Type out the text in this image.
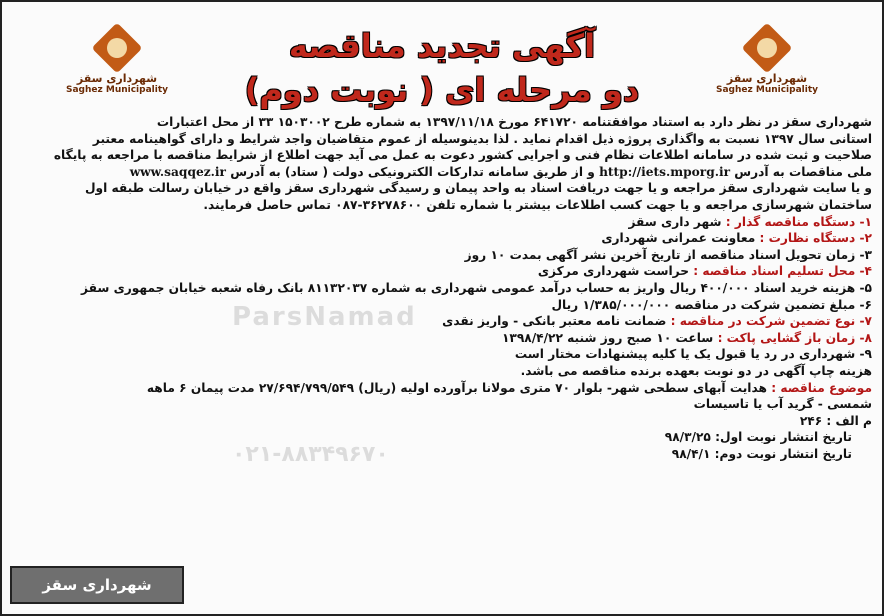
شهرداری سقز
Saghez Municipality
شهرداری سقز
Saghez Municipality
آگهی تجدید مناقصه
دو مرحله ای ( نوبت دوم)
ParsNamad
۰۲۱-۸۸۳۴۹۶۷۰
شهرداری سقز در نظر دارد به استناد موافقتنامه ۶۴۱۷۲۰ مورخ ۱۳۹۷/۱۱/۱۸ به شماره طرح ۱۵۰۳۰۰۲ ۳۳ از محل اعتبارات
استانی سال ۱۳۹۷ نسبت به واگذاری پروژه ذیل اقدام نماید . لذا بدینوسیله از عموم متقاضیان واجد شرایط و دارای گواهینامه معتبر
صلاحیت و ثبت شده در سامانه اطلاعات نظام فنی و اجرایی کشور دعوت به عمل می آید جهت اطلاع از شرایط مناقصه با مراجعه به پایگاه
ملی مناقصات به آدرس http://iets.mporg.ir و از طریق سامانه تدارکات الکترونیکی دولت ( ستاد) به آدرس www.saqqez.ir
و یا سایت شهرداری سقز مراجعه و یا جهت دریافت اسناد به واحد پیمان و رسیدگی شهرداری سقز واقع در خیابان رسالت طبقه اول
ساختمان شهرسازی مراجعه و یا جهت کسب اطلاعات بیشتر با شماره تلفن ۳۶۲۷۸۶۰۰-۰۸۷ تماس حاصل فرمایند.
۱- دستگاه مناقصه گذار : شهر داری سقز
۲- دستگاه نظارت : معاونت عمرانی شهرداری
۳- زمان تحویل اسناد مناقصه از تاریخ آخرین نشر آگهی بمدت ۱۰ روز
۴- محل تسلیم اسناد مناقصه : حراست شهرداری مرکزی
۵- هزینه خرید اسناد ۴۰۰/۰۰۰ ریال واریز به حساب درآمد عمومی شهرداری به شماره ۸۱۱۳۲۰۳۷ بانک رفاه شعبه خیابان جمهوری سقز
۶- مبلغ تضمین شرکت در مناقصه ۱/۳۸۵/۰۰۰/۰۰۰ ریال
۷- نوع تضمین شرکت در مناقصه : ضمانت نامه معتبر بانکی - واریز نقدی
۸- زمان باز گشایی پاکت : ساعت ۱۰ صبح روز شنبه ۱۳۹۸/۴/۲۲
۹- شهرداری در رد یا قبول یک یا کلیه پیشنهادات مختار است
هزینه چاپ آگهی در دو نوبت بعهده برنده مناقصه می باشد.
موضوع مناقصه : هدایت آبهای سطحی شهر- بلوار ۷۰ متری مولانا برآورده اولیه (ریال) ۲۷/۶۹۴/۷۹۹/۵۴۹ مدت پیمان ۶ ماهه
شمسی - گرید آب یا تاسیسات
م الف : ۲۴۶
تاریخ انتشار نوبت اول: ۹۸/۳/۲۵
تاریخ انتشار نوبت دوم: ۹۸/۴/۱
شهرداری سقز
